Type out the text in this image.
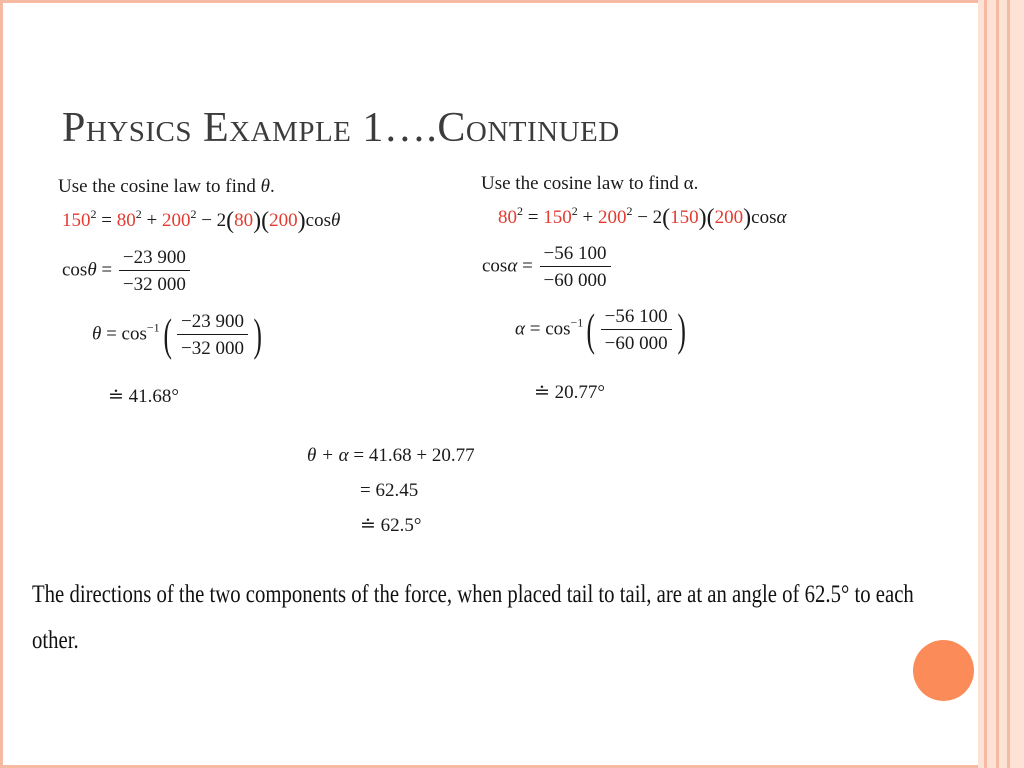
Physics Example 1….Continued
Use the cosine law to find θ.
$150^2 = 80^2 + 200^2 - 2(80)(200)\cos\theta$
$\cos\theta = \frac{-23 900}{-32 000}$
$\theta = \cos^{-1}( \frac{-23 900}{-32 000}$ )
≐ 41.68°
Use the cosine law to find α.
$80^2 = 150^2 + 200^2 - 2(150)(200)\cos\alpha$
$\cos\alpha = \frac{-56 100}{-60 000}$
$\alpha = \cos^{-1}( \frac{-56 100}{-60 000}$ )
≐ 20.77°
θ + α = 41.68 + 20.77
= 62.45
≐ 62.5°
The directions of the two components of the force, when placed tail to tail, are at an angle of 62.5° to each
other.
